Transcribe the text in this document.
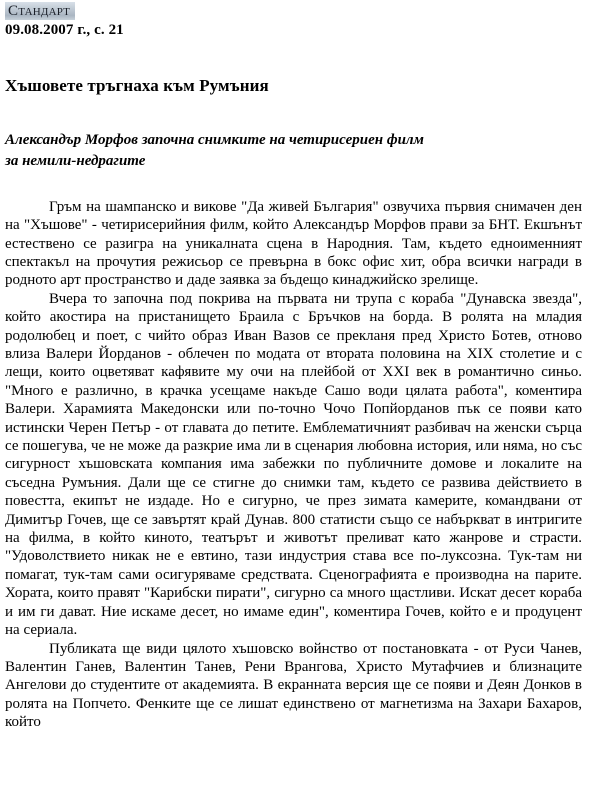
Стандарт
09.08.2007 г., с. 21
Хъшовете тръгнаха към Румъния
Александър Морфов започна снимките на четирисериен филм
за немили-недрагите

Гръм на шампанско и викове "Да живей България" озвучиха първия снимачен ден на "Хъшове" - четирисерийния филм, който Александър Морфов прави за БНТ. Екшънът естествено се разигра на уникалната сцена в Народния. Там, където едноименният спектакъл на прочутия режисьор се превърна в бокс офис хит, обра всички награди в родното арт пространство и даде заявка за бъдещо кинаджийско зрелище.

Вчера то започна под покрива на първата ни трупа с кораба "Дунавска звезда", който акостира на пристанището Браила с Бръчков на борда. В ролята на младия родолюбец и поет, с чийто образ Иван Вазов се прекланя пред Христо Ботев, отново влиза Валери Йорданов - облечен по модата от втората половина на XIX столетие и с лещи, които оцветяват кафявите му очи на плейбой от XXI век в романтично синьо. "Много е различно, в крачка усещаме накъде Сашо води цялата работа", коментира Валери. Харамията Македонски или по-точно Чочо Попйорданов пък се появи като истински Черен Петър - от главата до петите. Емблематичният разбивач на женски сърца се пошегува, че не може да разкрие има ли в сценария любовна история, или няма, но със сигурност хъшовската компания има забежки по публичните домове и локалите на съседна Румъния. Дали ще се стигне до снимки там, където се развива действието в повестта, екипът не издаде. Но е сигурно, че през зимата камерите, командвани от Димитър Гочев, ще се завъртят край Дунав. 800 статисти също се набъркват в интригите на филма, в който киното, театърът и животът преливат като жанрове и страсти. "Удоволствието никак не е евтино, тази индустрия става все по-луксозна. Тук-там ни помагат, тук-там сами осигуряваме средствата. Сценографията е производна на парите. Хората, които правят "Карибски пирати", сигурно са много щастливи. Искат десет кораба и им ги дават. Ние искаме десет, но имаме един", коментира Гочев, който е и продуцент на сериала.

Публиката ще види цялото хъшовско войнство от постановката - от Руси Чанев, Валентин Ганев, Валентин Танев, Рени Врангова, Христо Мутафчиев и близнаците Ангелови до студентите от академията. В екранната версия ще се появи и Деян Донков в ролята на Попчето. Фенките ще се лишат единствено от магнетизма на Захари Бахаров, който
